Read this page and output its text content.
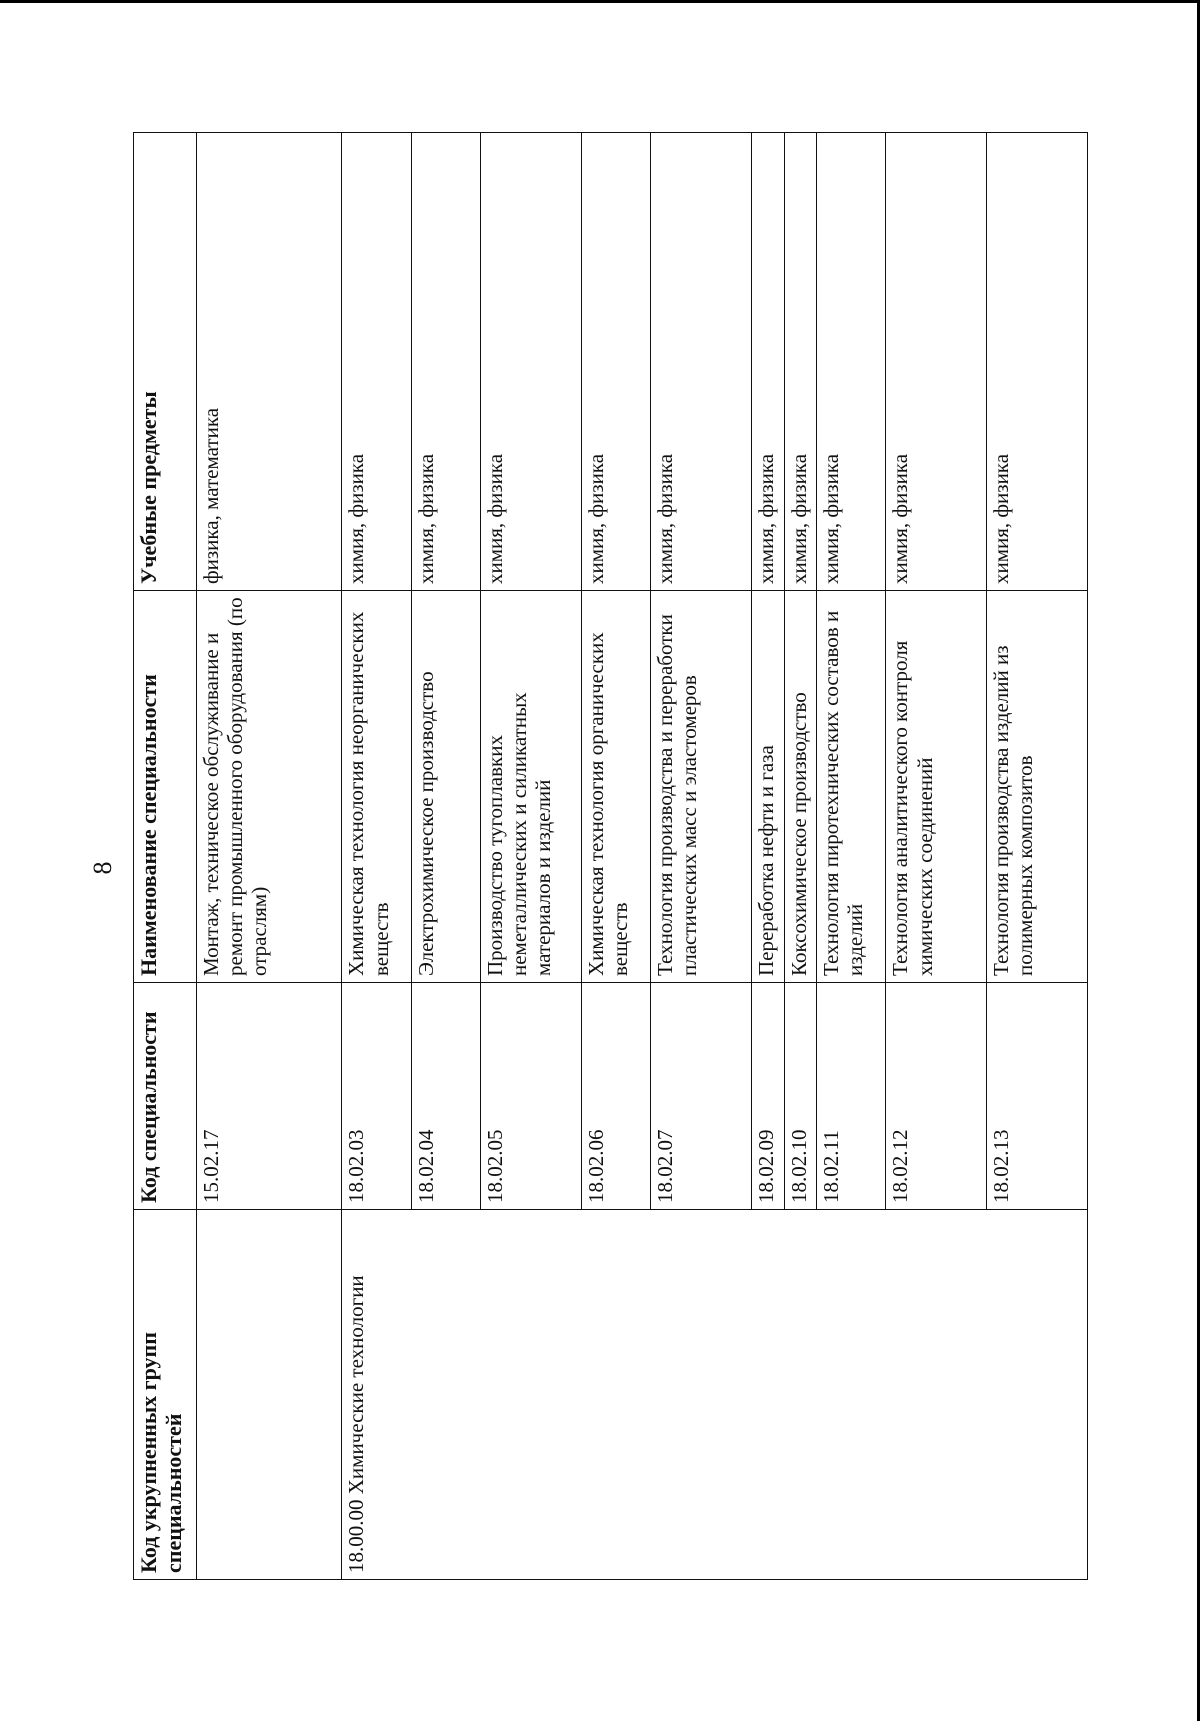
8
Код укрупненных групп специальностей	Код специальности	Наименование специальности	Учебные предметы
	15.02.17	Монтаж, техническое обслуживание и ремонт промышленного оборудования (по отраслям)	физика, математика
18.00.00 Химические технологии	18.02.03	Химическая технология неорганических веществ	химия, физика
	18.02.04	Электрохимическое производство	химия, физика
	18.02.05	Производство тугоплавких неметаллических и силикатных материалов и изделий	химия, физика
	18.02.06	Химическая технология органических веществ	химия, физика
	18.02.07	Технология производства и переработки пластических масс и эластомеров	химия, физика
	18.02.09	Переработка нефти и газа	химия, физика
	18.02.10	Коксохимическое производство	химия, физика
	18.02.11	Технология пиротехнических составов и изделий	химия, физика
	18.02.12	Технология аналитического контроля химических соединений	химия, физика
	18.02.13	Технология производства изделий из полимерных композитов	химия, физика
